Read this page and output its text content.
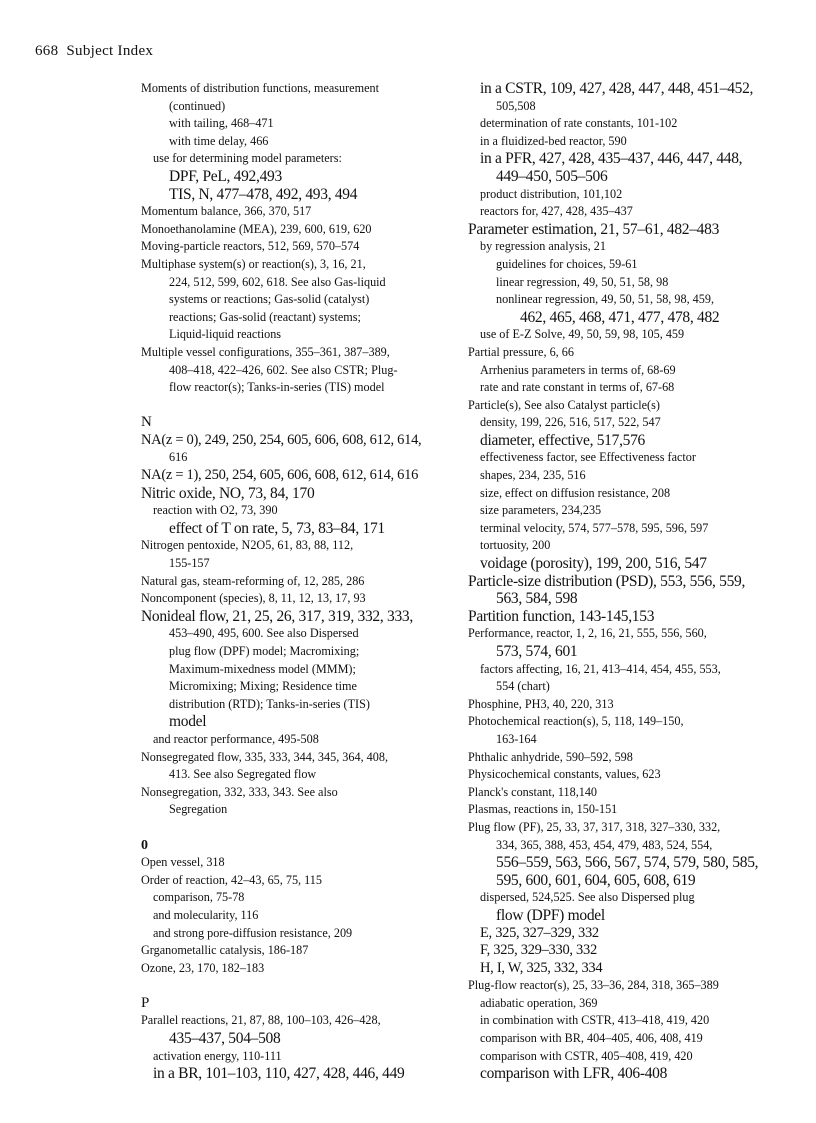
668 Subject Index
Moments of distribution functions, measurement
(continued)
with tailing, 468–471
with time delay, 466
use for determining model parameters:
DPF, PeL, 492,493
TIS, N, 477–478, 492, 493, 494
Momentum balance, 366, 370, 517
Monoethanolamine (MEA), 239, 600, 619, 620
Moving-particle reactors, 512, 569, 570–574
Multiphase system(s) or reaction(s), 3, 16, 21,
224, 512, 599, 602, 618. See also Gas-liquid
systems or reactions; Gas-solid (catalyst)
reactions; Gas-solid (reactant) systems;
Liquid-liquid reactions
Multiple vessel configurations, 355–361, 387–389,
408–418, 422–426, 602. See also CSTR; Plug-
flow reactor(s); Tanks-in-series (TIS) model
N
NA(z = 0), 249, 250, 254, 605, 606, 608, 612, 614,
616
NA(z = 1), 250, 254, 605, 606, 608, 612, 614, 616
Nitric oxide, NO, 73, 84, 170
reaction with O2, 73, 390
effect of T on rate, 5, 73, 83–84, 171
Nitrogen pentoxide, N2O5, 61, 83, 88, 112,
155-157
Natural gas, steam-reforming of, 12, 285, 286
Noncomponent (species), 8, 11, 12, 13, 17, 93
Nonideal flow, 21, 25, 26, 317, 319, 332, 333,
453–490, 495, 600. See also Dispersed
plug flow (DPF) model; Macromixing;
Maximum-mixedness model (MMM);
Micromixing; Mixing; Residence time
distribution (RTD); Tanks-in-series (TIS)
model
and reactor performance, 495-508
Nonsegregated flow, 335, 333, 344, 345, 364, 408,
413. See also Segregated flow
Nonsegregation, 332, 333, 343. See also
Segregation
0
Open vessel, 318
Order of reaction, 42–43, 65, 75, 115
comparison, 75-78
and molecularity, 116
and strong pore-diffusion resistance, 209
Grganometallic catalysis, 186-187
Ozone, 23, 170, 182–183
P
Parallel reactions, 21, 87, 88, 100–103, 426–428,
435–437, 504–508
activation energy, 110-111
in a BR, 101–103, 110, 427, 428, 446, 449
in a CSTR, 109, 427, 428, 447, 448, 451–452,
505,508
determination of rate constants, 101-102
in a fluidized-bed reactor, 590
in a PFR, 427, 428, 435–437, 446, 447, 448,
449–450, 505–506
product distribution, 101,102
reactors for, 427, 428, 435–437
Parameter estimation, 21, 57–61, 482–483
by regression analysis, 21
guidelines for choices, 59-61
linear regression, 49, 50, 51, 58, 98
nonlinear regression, 49, 50, 51, 58, 98, 459,
462, 465, 468, 471, 477, 478, 482
use of E-Z Solve, 49, 50, 59, 98, 105, 459
Partial pressure, 6, 66
Arrhenius parameters in terms of, 68-69
rate and rate constant in terms of, 67-68
Particle(s), See also Catalyst particle(s)
density, 199, 226, 516, 517, 522, 547
diameter, effective, 517,576
effectiveness factor, see Effectiveness factor
shapes, 234, 235, 516
size, effect on diffusion resistance, 208
size parameters, 234,235
terminal velocity, 574, 577–578, 595, 596, 597
tortuosity, 200
voidage (porosity), 199, 200, 516, 547
Particle-size distribution (PSD), 553, 556, 559,
563, 584, 598
Partition function, 143-145,153
Performance, reactor, 1, 2, 16, 21, 555, 556, 560,
573, 574, 601
factors affecting, 16, 21, 413–414, 454, 455, 553,
554 (chart)
Phosphine, PH3, 40, 220, 313
Photochemical reaction(s), 5, 118, 149–150,
163-164
Phthalic anhydride, 590–592, 598
Physicochemical constants, values, 623
Planck's constant, 118,140
Plasmas, reactions in, 150-151
Plug flow (PF), 25, 33, 37, 317, 318, 327–330, 332,
334, 365, 388, 453, 454, 479, 483, 524, 554,
556–559, 563, 566, 567, 574, 579, 580, 585,
595, 600, 601, 604, 605, 608, 619
dispersed, 524,525. See also Dispersed plug
flow (DPF) model
E, 325, 327–329, 332
F, 325, 329–330, 332
H, I, W, 325, 332, 334
Plug-flow reactor(s), 25, 33–36, 284, 318, 365–389
adiabatic operation, 369
in combination with CSTR, 413–418, 419, 420
comparison with BR, 404–405, 406, 408, 419
comparison with CSTR, 405–408, 419, 420
comparison with LFR, 406-408
